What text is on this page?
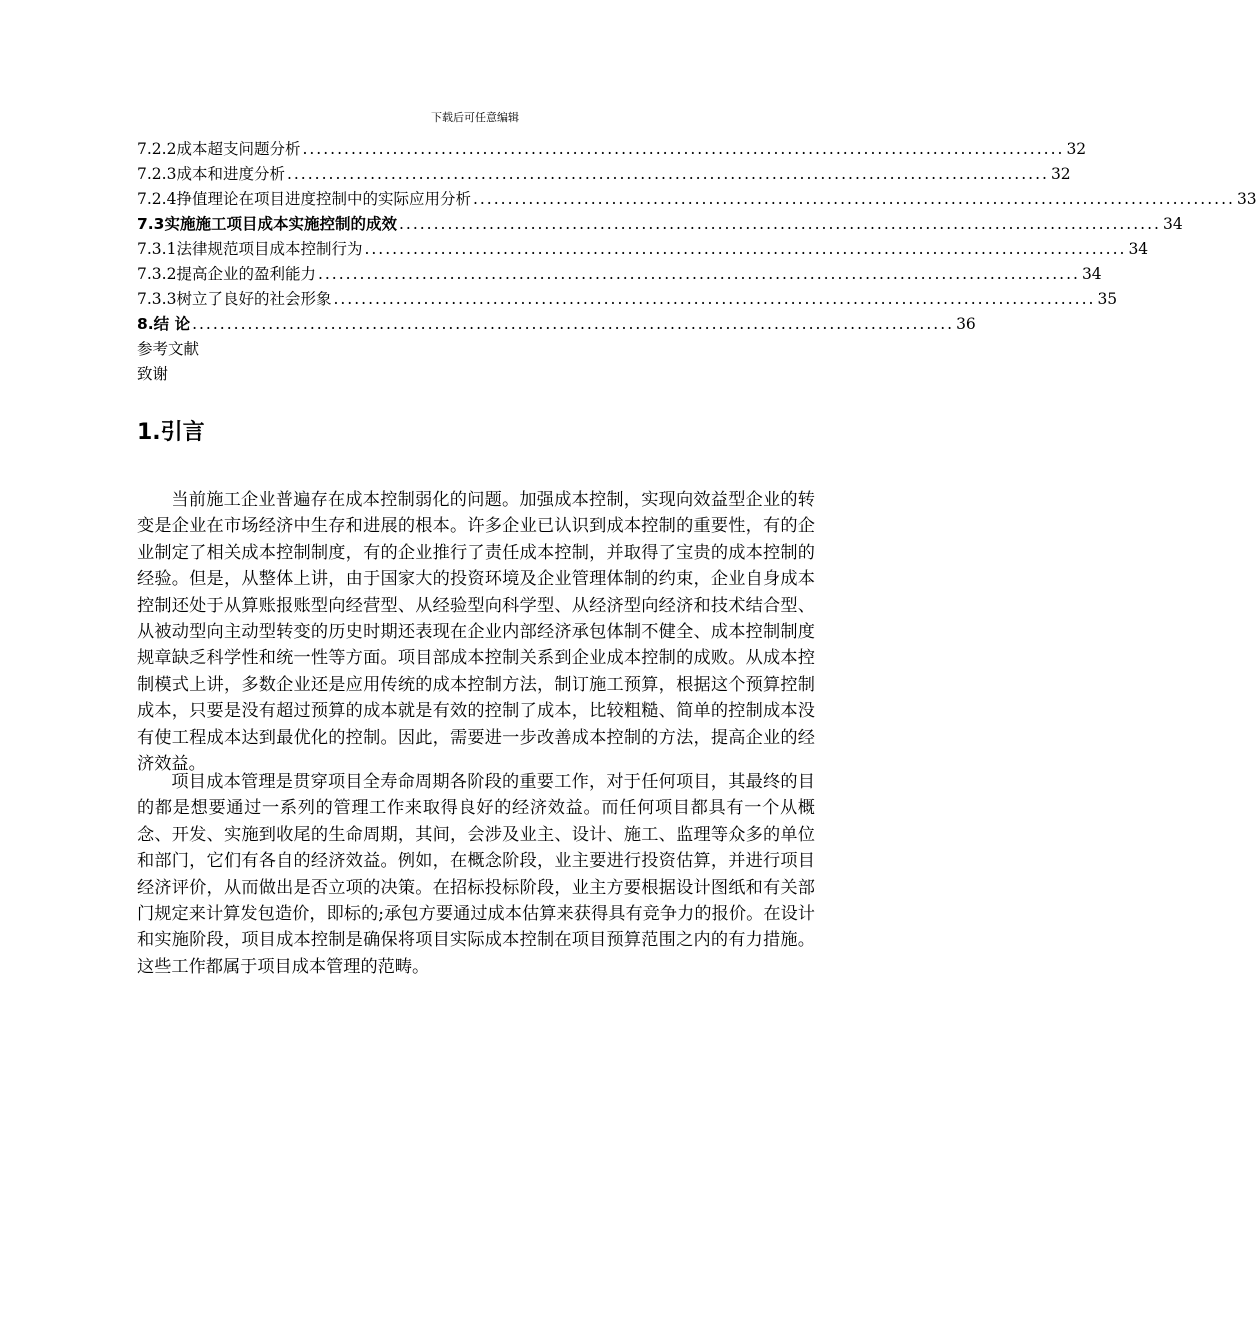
下载后可任意编辑
7.2.2成本超支问题分析 .............................................................................................................. 32
7.2.3成本和进度分析 .............................................................................................................. 32
7.2.4挣值理论在项目进度控制中的实际应用分析 .............................................................................................................. 33
7.3实施施工项目成本实施控制的成效 .............................................................................................................. 34
7.3.1法律规范项目成本控制行为 .............................................................................................................. 34
7.3.2提高企业的盈利能力 .............................................................................................................. 34
7.3.3树立了良好的社会形象 .............................................................................................................. 35
8.结 论 .............................................................................................................. 36
参考文献
致谢
1.引言

当前施工企业普遍存在成本控制弱化的问题。加强成本控制，实现向效益型企业的转变是企业在市场经济中生存和进展的根本。许多企业已认识到成本控制的重要性，有的企业制定了相关成本控制制度，有的企业推行了责任成本控制，并取得了宝贵的成本控制的经验。但是，从整体上讲，由于国家大的投资环境及企业管理体制的约束，企业自身成本控制还处于从算账报账型向经营型、从经验型向科学型、从经济型向经济和技术结合型、从被动型向主动型转变的历史时期还表现在企业内部经济承包体制不健全、成本控制制度规章缺乏科学性和统一性等方面。项目部成本控制关系到企业成本控制的成败。从成本控制模式上讲，多数企业还是应用传统的成本控制方法，制订施工预算，根据这个预算控制成本，只要是没有超过预算的成本就是有效的控制了成本，比较粗糙、简单的控制成本没有使工程成本达到最优化的控制。因此，需要进一步改善成本控制的方法，提高企业的经济效益。

项目成本管理是贯穿项目全寿命周期各阶段的重要工作，对于任何项目，其最终的目的都是想要通过一系列的管理工作来取得良好的经济效益。而任何项目都具有一个从概念、开发、实施到收尾的生命周期，其间，会涉及业主、设计、施工、监理等众多的单位和部门，它们有各自的经济效益。例如，在概念阶段，业主要进行投资估算，并进行项目经济评价，从而做出是否立项的决策。在招标投标阶段，业主方要根据设计图纸和有关部门规定来计算发包造价，即标的;承包方要通过成本估算来获得具有竞争力的报价。在设计和实施阶段，项目成本控制是确保将项目实际成本控制在项目预算范围之内的有力措施。这些工作都属于项目成本管理的范畴。
